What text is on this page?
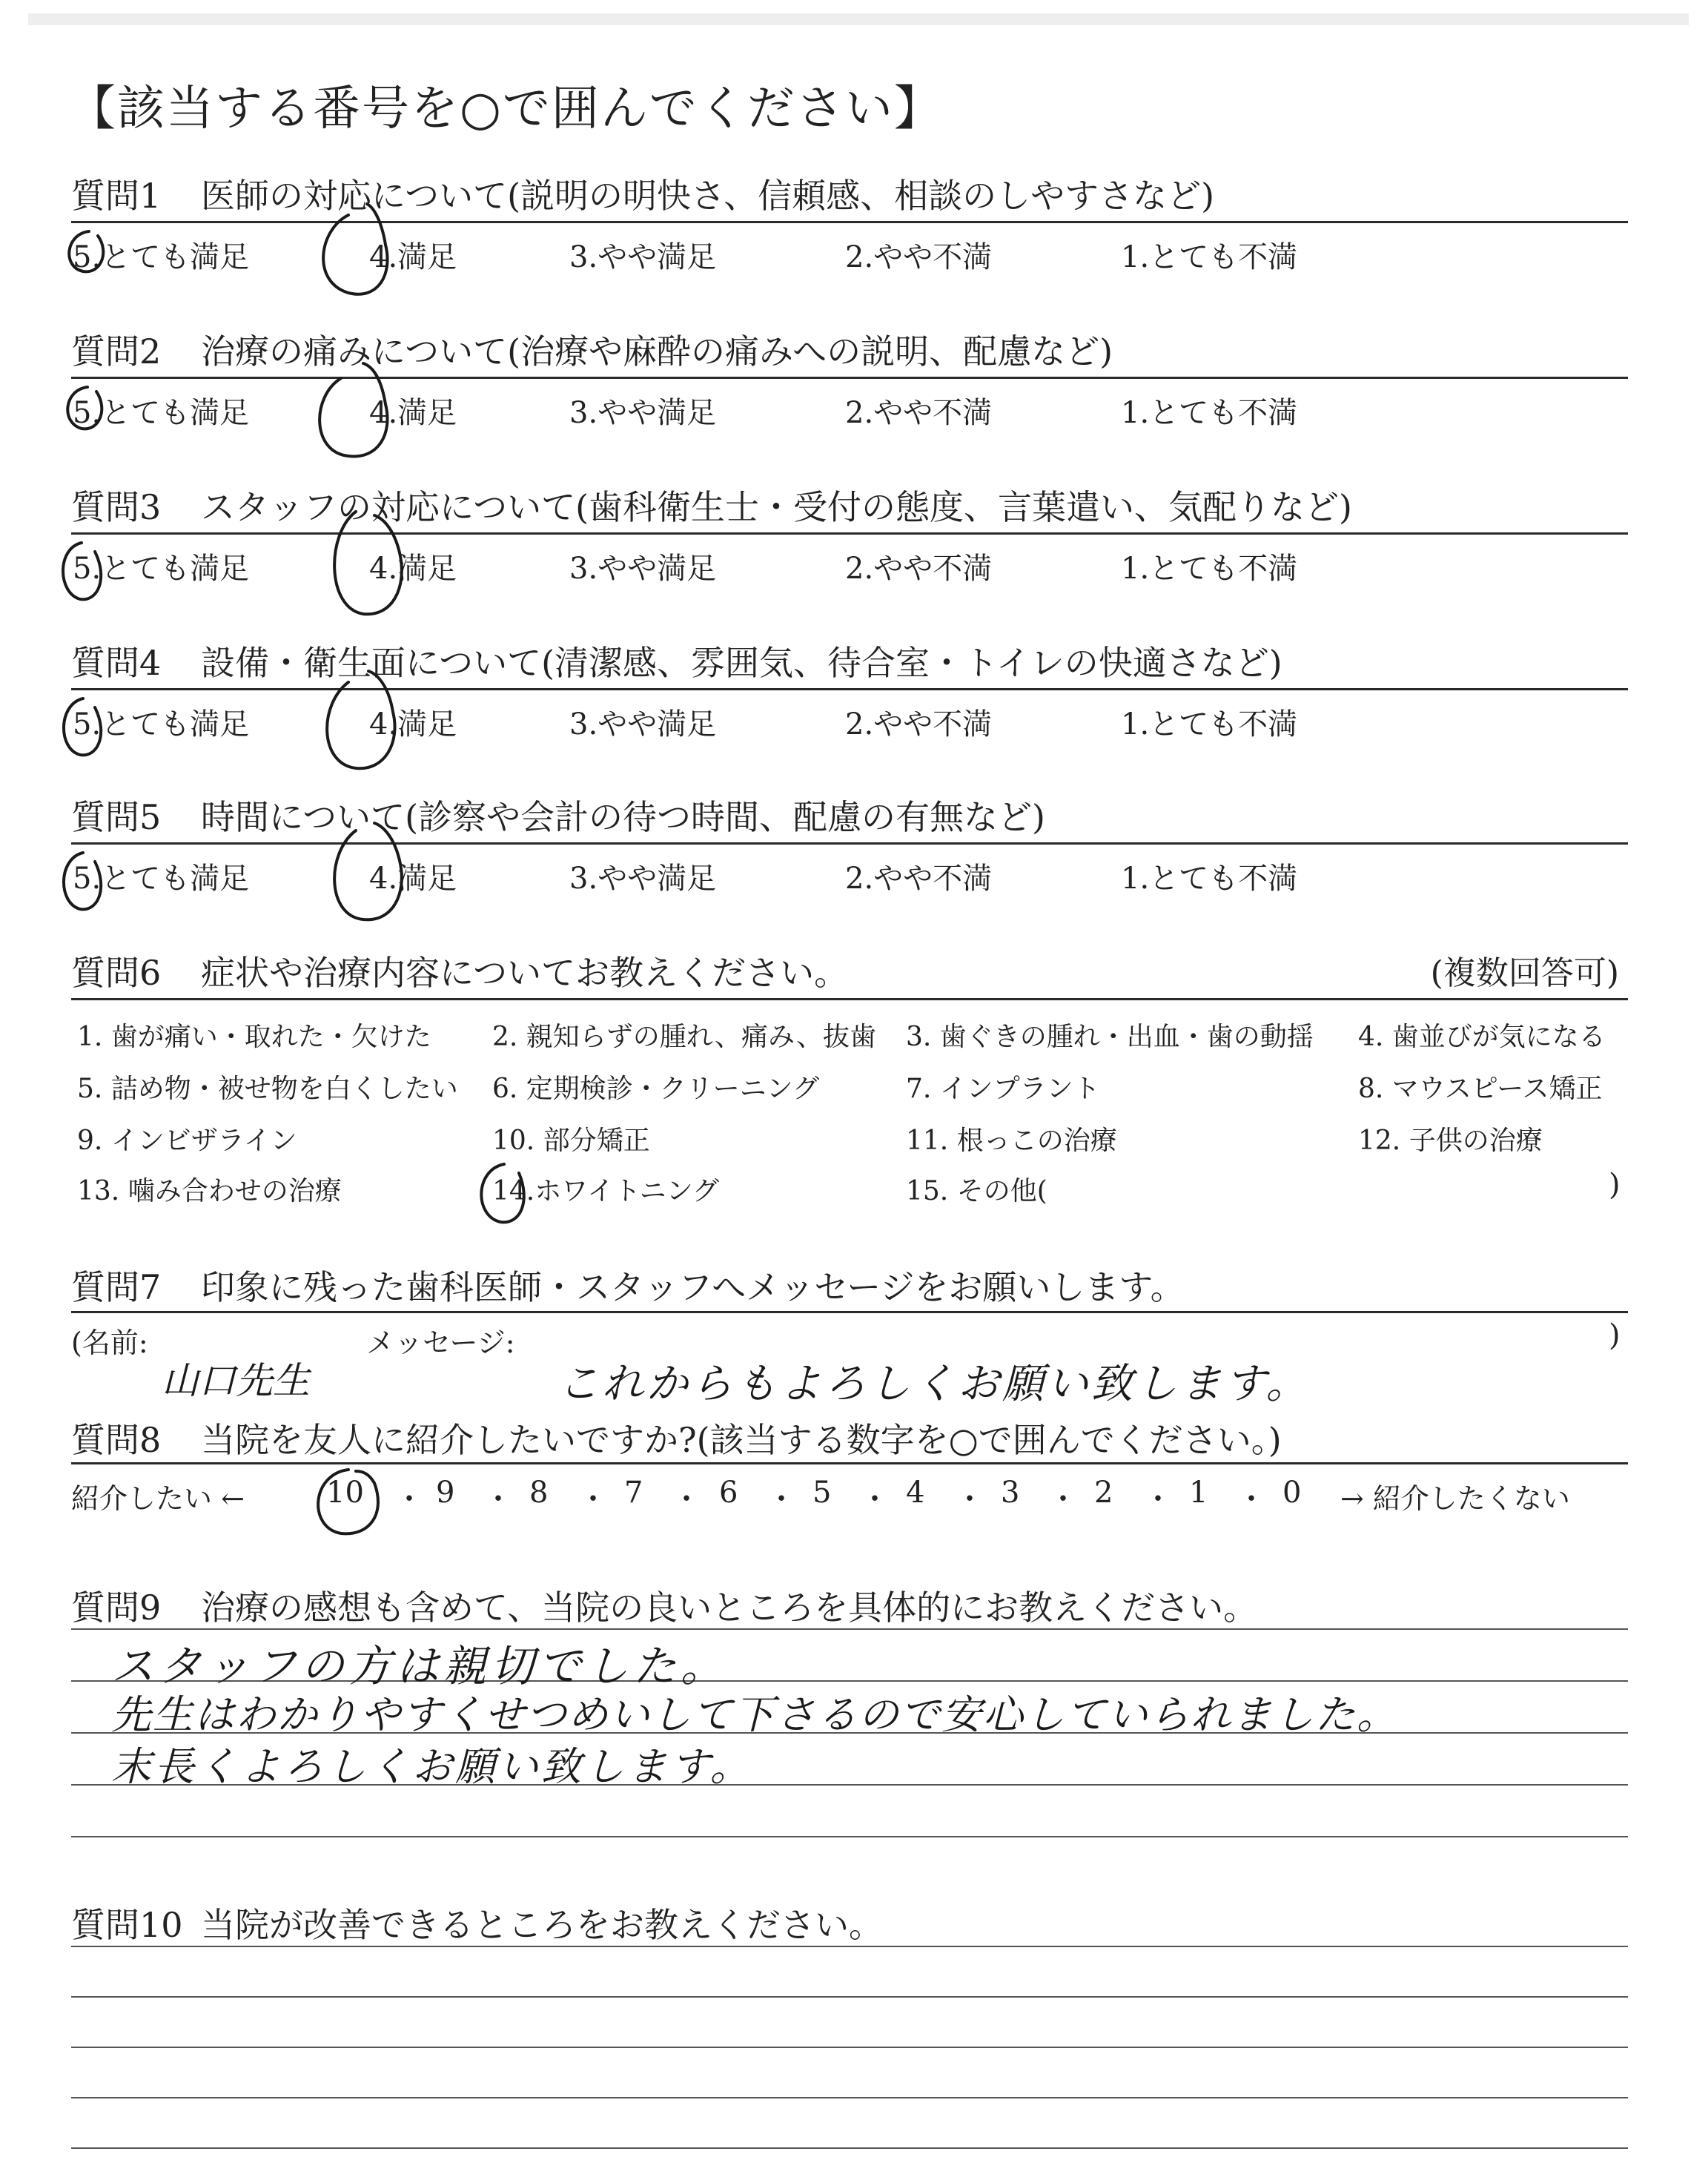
【該当する番号を○で囲んでください】
質問1 医師の対応について(説明の明快さ、信頼感、相談のしやすさなど)
5.とても満足	4.満足	3.やや満足	2.やや不満	1.とても不満
質問2 治療の痛みについて(治療や麻酔の痛みへの説明、配慮など)
5.とても満足	4.満足	3.やや満足	2.やや不満	1.とても不満
質問3 スタッフの対応について(歯科衛生士・受付の態度、言葉遣い、気配りなど)
5.とても満足	4.満足	3.やや満足	2.やや不満	1.とても不満
質問4 設備・衛生面について(清潔感、雰囲気、待合室・トイレの快適さなど)
5.とても満足	4.満足	3.やや満足	2.やや不満	1.とても不満
質問5 時間について(診察や会計の待つ時間、配慮の有無など)
5.とても満足	4.満足	3.やや満足	2.やや不満	1.とても不満
質問6 症状や治療内容についてお教えください。	(複数回答可)
1. 歯が痛い・取れた・欠けた 2. 親知らずの腫れ、痛み、抜歯 3. 歯ぐきの腫れ・出血・歯の動揺 4. 歯並びが気になる
5. 詰め物・被せ物を白くしたい 6. 定期検診・クリーニング	7. インプラント	8. マウスピース矯正
9. インビザライン	10. 部分矯正	11. 根っこの治療	12. 子供の治療
13. 噛み合わせの治療	14.ホワイトニング	15. その他(	)
質問7 印象に残った歯科医師・スタッフへメッセージをお願いします。
(名前:	メッセージ:	)
山口先生	これからもよろしくお願い致します。
質問8 当院を友人に紹介したいですか?(該当する数字を○で囲んでください。)
紹介したい ←	→ 紹介したくない
10 ・ 9 ・ 8 ・ 7 ・ 6 ・ 5 ・ 4 ・ 3 ・ 2 ・ 1 ・ 0
質問9 治療の感想も含めて、当院の良いところを具体的にお教えください。
スタッフの方は親切でした。
先生はわかりやすくせつめいして下さるので安心していられました。
末長くよろしくお願い致します。
質問10 当院が改善できるところをお教えください。
